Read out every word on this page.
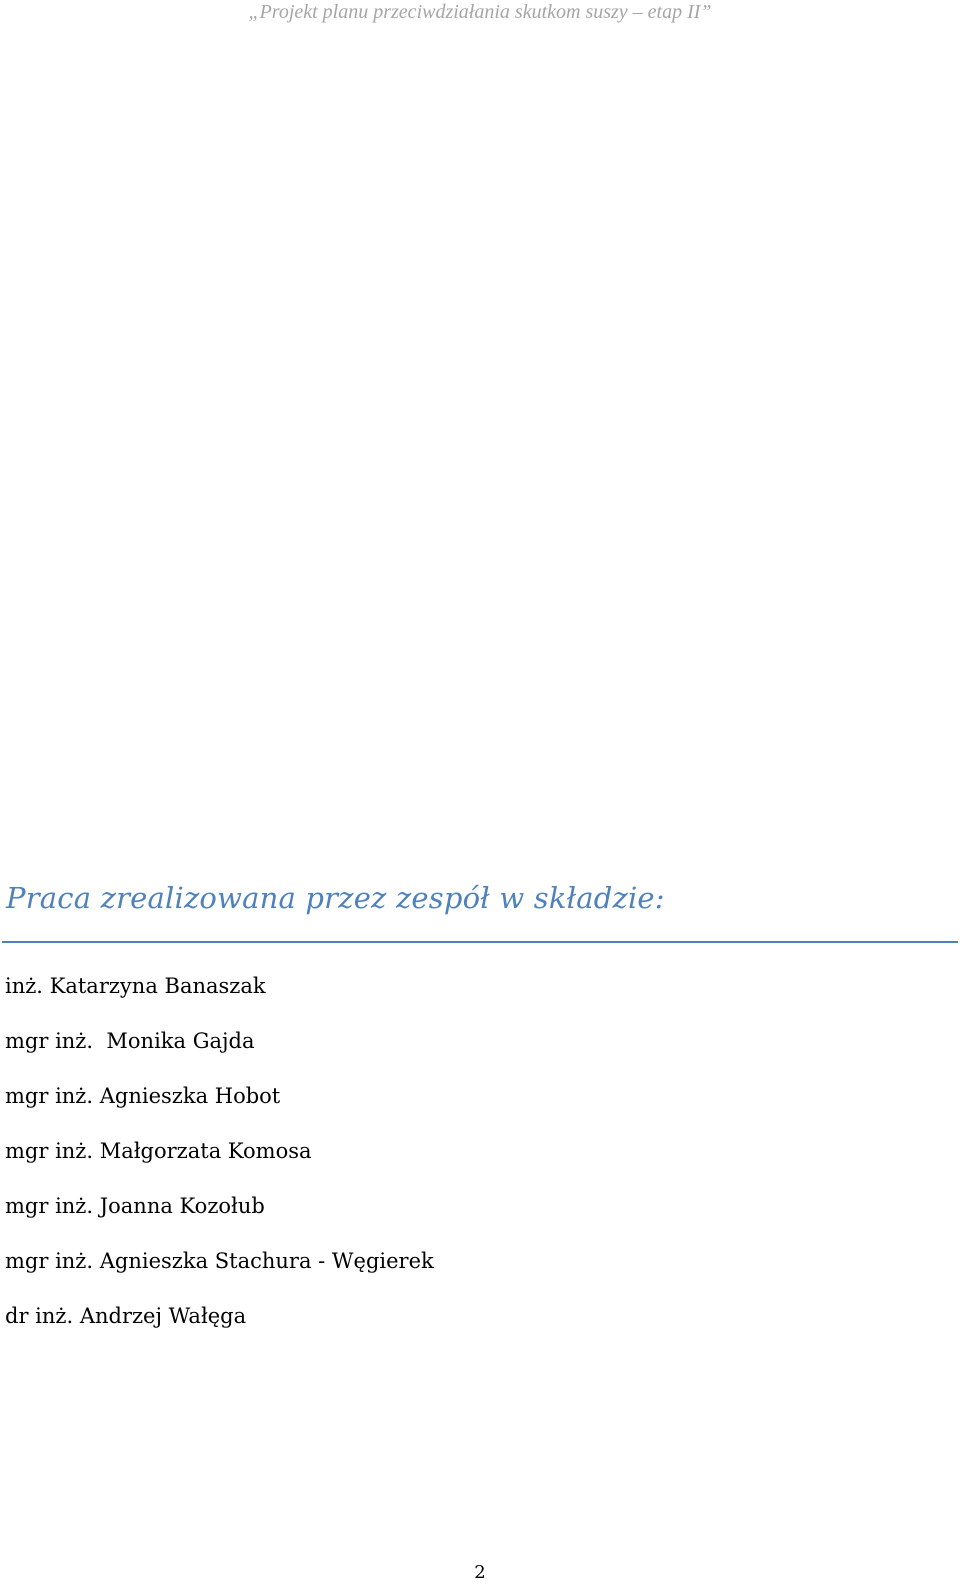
„Projekt planu przeciwdziałania skutkom suszy – etap II”
Praca zrealizowana przez zespół w składzie:
inż. Katarzyna Banaszak
mgr inż.  Monika Gajda
mgr inż. Agnieszka Hobot
mgr inż. Małgorzata Komosa
mgr inż. Joanna Kozołub
mgr inż. Agnieszka Stachura - Węgierek
dr inż. Andrzej Wałęga
2
